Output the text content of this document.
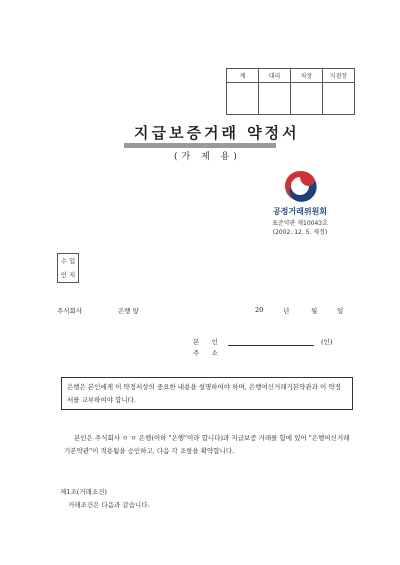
계	대리	차장	지점장

지급보증거래 약정서
(가 제 용)
공정거래위원회
표준약관 제10043호
(2002. 12. 5. 제정)
수 입
인 지
주식회사	은행 앞	20	년	월	일
본      인	(인)
주      소
은행은 본인에게 이 약정서상의 중요한 내용을 설명하여야 하며, 은행여신거래기본약관과 이 약정서를 교부하여야 합니다.
본인은 주식회사 ㅇ ㅇ 은행(이하 "은행"이라 합니다)과 지급보증 거래를 함에 있어 "은행여신거래기본약관"이 적용됨을 승인하고, 다음 각 조항을 확약합니다.
제1조(거래조건)
거래조건은 다음과 같습니다.
